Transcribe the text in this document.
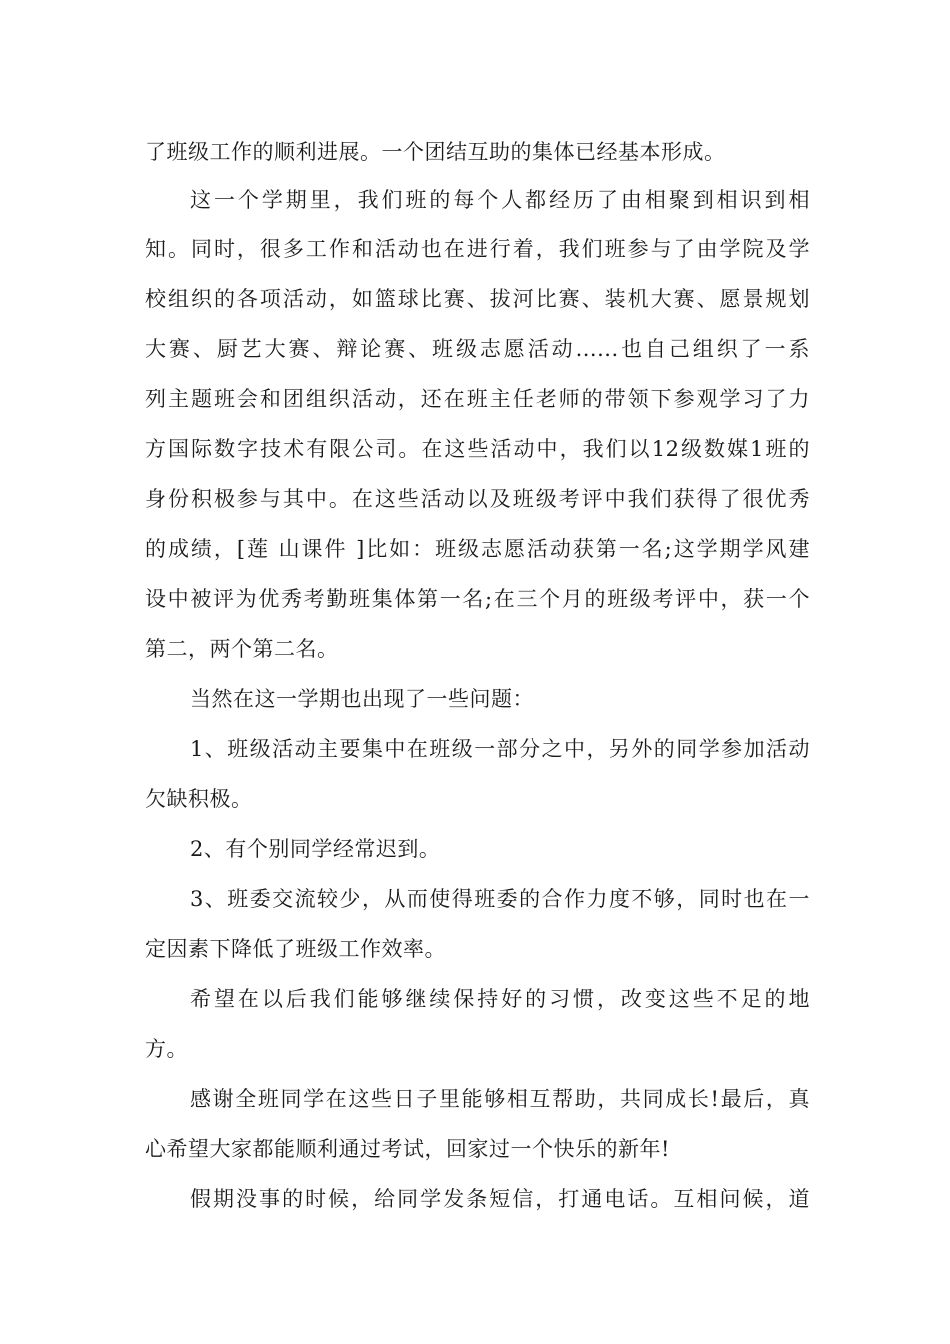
了班级工作的顺利进展。一个团结互助的集体已经基本形成。
这一个学期里，我们班的每个人都经历了由相聚到相识到相
知。同时，很多工作和活动也在进行着，我们班参与了由学院及学
校组织的各项活动，如篮球比赛、拔河比赛、装机大赛、愿景规划
大赛、厨艺大赛、辩论赛、班级志愿活动......也自己组织了一系
列主题班会和团组织活动，还在班主任老师的带领下参观学习了力
方国际数字技术有限公司。在这些活动中，我们以12级数媒1班的
身份积极参与其中。在这些活动以及班级考评中我们获得了很优秀
的成绩，[莲 山课件 ]比如：班级志愿活动获第一名;这学期学风建
设中被评为优秀考勤班集体第一名;在三个月的班级考评中，获一个
第二，两个第二名。
当然在这一学期也出现了一些问题：
1、班级活动主要集中在班级一部分之中，另外的同学参加活动
欠缺积极。
2、有个别同学经常迟到。
3、班委交流较少，从而使得班委的合作力度不够，同时也在一
定因素下降低了班级工作效率。
希望在以后我们能够继续保持好的习惯，改变这些不足的地
方。
感谢全班同学在这些日子里能够相互帮助，共同成长!最后，真
心希望大家都能顺利通过考试，回家过一个快乐的新年!
假期没事的时候，给同学发条短信，打通电话。互相问候，道
